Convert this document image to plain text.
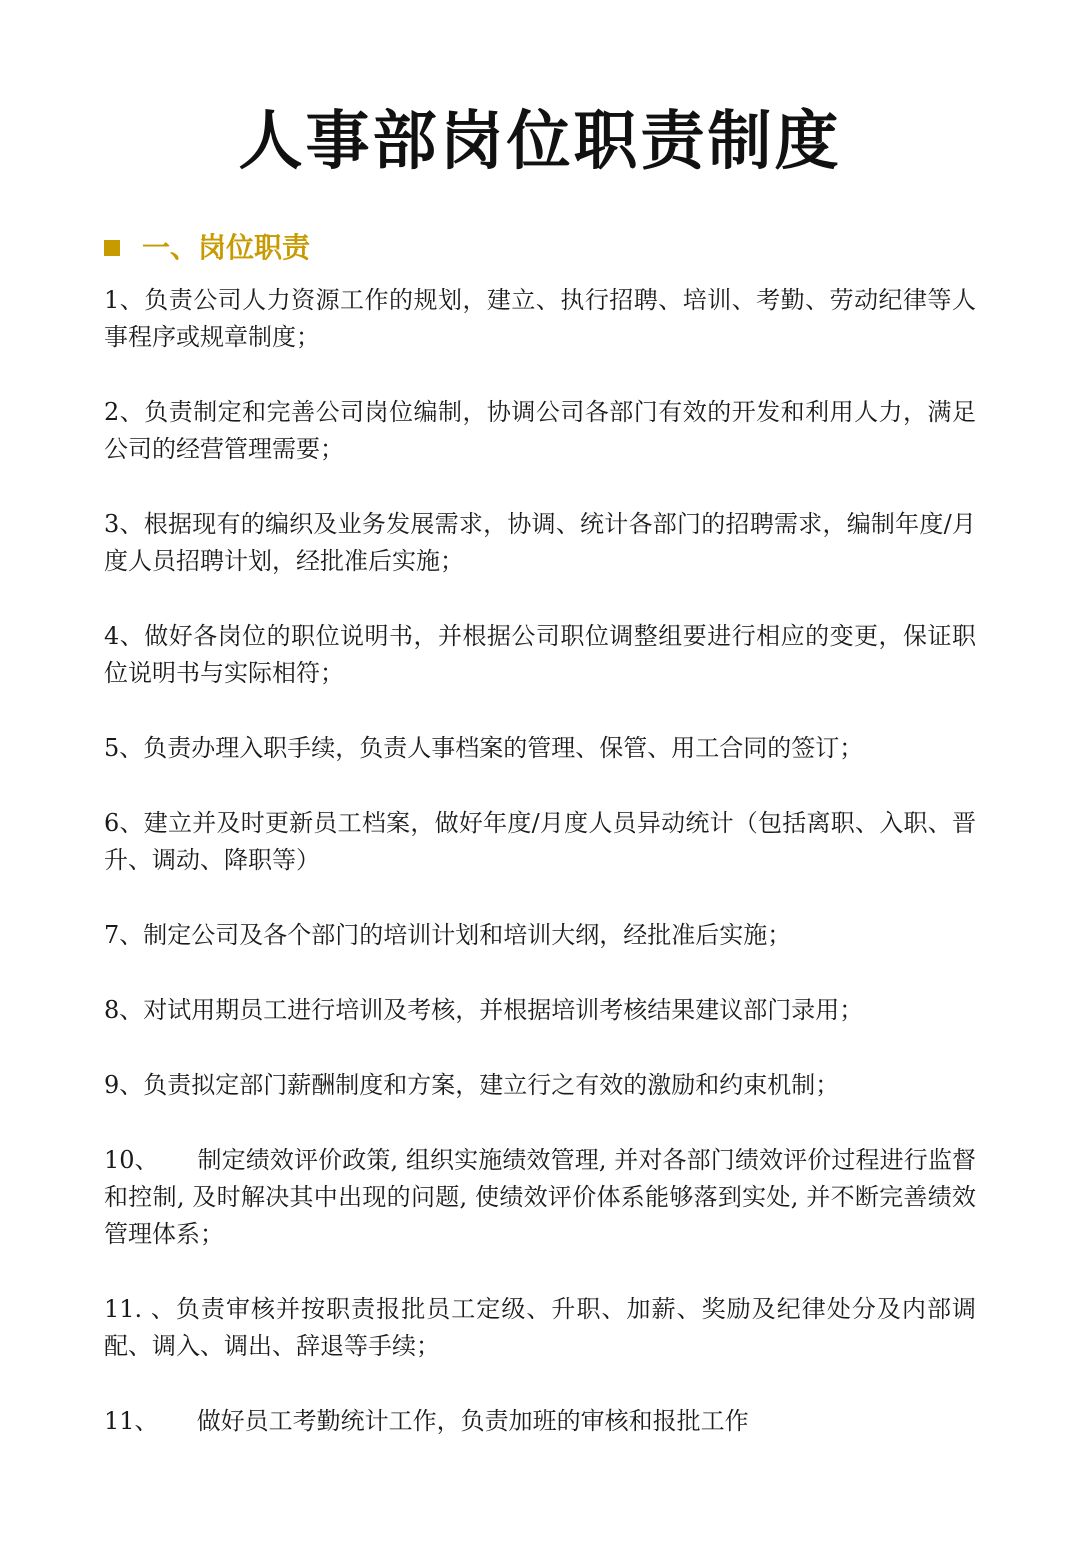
人事部岗位职责制度
一、岗位职责
1、负责公司人力资源工作的规划，建立、执行招聘、培训、考勤、劳动纪律等人事程序或规章制度；
2、负责制定和完善公司岗位编制，协调公司各部门有效的开发和利用人力，满足公司的经营管理需要；
3、根据现有的编织及业务发展需求，协调、统计各部门的招聘需求，编制年度/月度人员招聘计划，经批准后实施；
4、做好各岗位的职位说明书，并根据公司职位调整组要进行相应的变更，保证职位说明书与实际相符；
5、负责办理入职手续，负责人事档案的管理、保管、用工合同的签订；
6、建立并及时更新员工档案，做好年度/月度人员异动统计（包括离职、入职、晋升、调动、降职等）
7、制定公司及各个部门的培训计划和培训大纲，经批准后实施；
8、对试用期员工进行培训及考核，并根据培训考核结果建议部门录用；
9、负责拟定部门薪酬制度和方案，建立行之有效的激励和约束机制；
10、     制定绩效评价政策, 组织实施绩效管理, 并对各部门绩效评价过程进行监督和控制, 及时解决其中出现的问题, 使绩效评价体系能够落到实处, 并不断完善绩效管理体系；
11. 、负责审核并按职责报批员工定级、升职、加薪、奖励及纪律处分及内部调配、调入、调出、辞退等手续；
11、     做好员工考勤统计工作，负责加班的审核和报批工作
